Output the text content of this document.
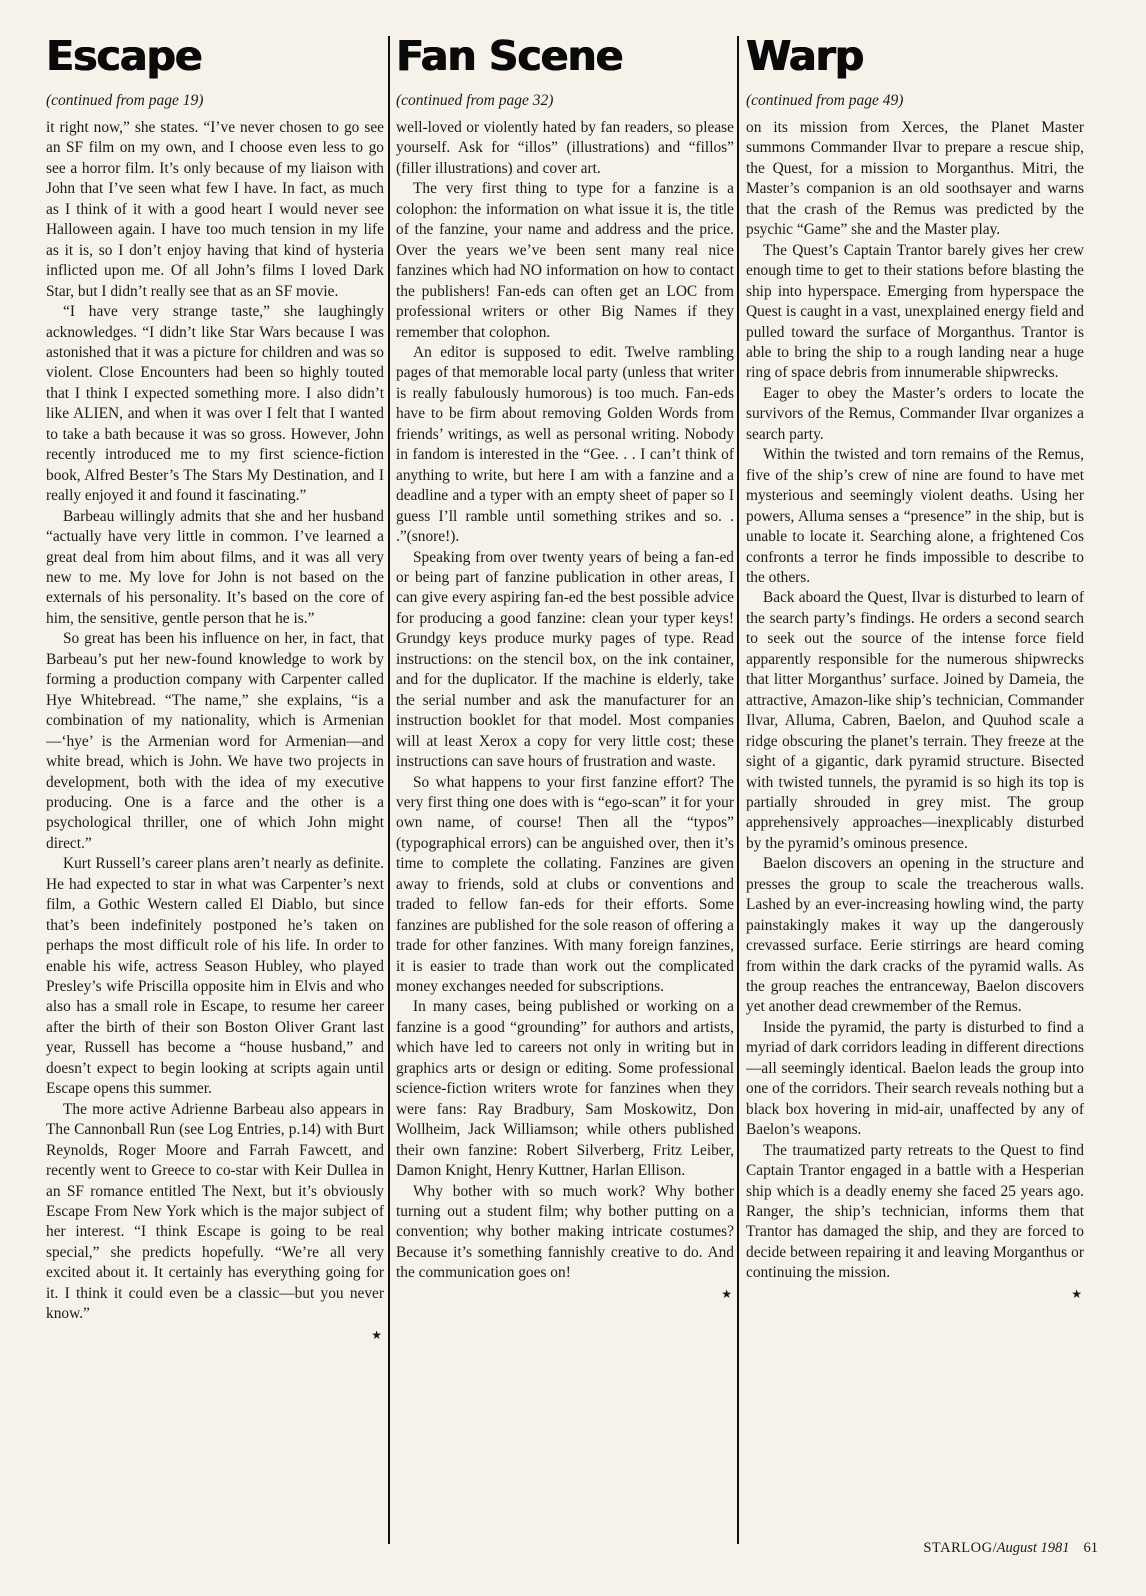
Escape
(continued from page 19)

it right now,” she states. “I’ve never chosen to go see an SF film on my own, and I choose even less to go see a horror film. It’s only because of my liaison with John that I’ve seen what few I have. In fact, as much as I think of it with a good heart I would never see Halloween again. I have too much tension in my life as it is, so I don’t enjoy having that kind of hysteria inflicted upon me. Of all John’s films I loved Dark Star, but I didn’t really see that as an SF movie.

“I have very strange taste,” she laughingly acknowledges. “I didn’t like Star Wars because I was astonished that it was a picture for children and was so violent. Close Encounters had been so highly touted that I think I expected something more. I also didn’t like ALIEN, and when it was over I felt that I wanted to take a bath because it was so gross. However, John recently introduced me to my first science-fiction book, Alfred Bester’s The Stars My Destination, and I really enjoyed it and found it fascinating.”

Barbeau willingly admits that she and her husband “actually have very little in common. I’ve learned a great deal from him about films, and it was all very new to me. My love for John is not based on the externals of his personality. It’s based on the core of him, the sensitive, gentle person that he is.”

So great has been his influence on her, in fact, that Barbeau’s put her new-found knowledge to work by forming a production company with Carpenter called Hye Whitebread. “The name,” she explains, “is a combination of my nationality, which is Armenian—‘hye’ is the Armenian word for Armenian—and white bread, which is John. We have two projects in development, both with the idea of my executive producing. One is a farce and the other is a psychological thriller, one of which John might direct.”

Kurt Russell’s career plans aren’t nearly as definite. He had expected to star in what was Carpenter’s next film, a Gothic Western called El Diablo, but since that’s been indefinitely postponed he’s taken on perhaps the most difficult role of his life. In order to enable his wife, actress Season Hubley, who played Presley’s wife Priscilla opposite him in Elvis and who also has a small role in Escape, to resume her career after the birth of their son Boston Oliver Grant last year, Russell has become a “house husband,” and doesn’t expect to begin looking at scripts again until Escape opens this summer.

The more active Adrienne Barbeau also appears in The Cannonball Run (see Log Entries, p.14) with Burt Reynolds, Roger Moore and Farrah Fawcett, and recently went to Greece to co-star with Keir Dullea in an SF romance entitled The Next, but it’s obviously Escape From New York which is the major subject of her interest. “I think Escape is going to be real special,” she predicts hopefully. “We’re all very excited about it. It certainly has everything going for it. I think it could even be a classic—but you never know.”

★

Fan Scene
(continued from page 32)

well-loved or violently hated by fan readers, so please yourself. Ask for “illos” (illustrations) and “fillos” (filler illustrations) and cover art.

The very first thing to type for a fanzine is a colophon: the information on what issue it is, the title of the fanzine, your name and address and the price. Over the years we’ve been sent many real nice fanzines which had NO information on how to contact the publishers! Fan-eds can often get an LOC from professional writers or other Big Names if they remember that colophon.

An editor is supposed to edit. Twelve rambling pages of that memorable local party (unless that writer is really fabulously humorous) is too much. Fan-eds have to be firm about removing Golden Words from friends’ writings, as well as personal writing. Nobody in fandom is interested in the “Gee. . . I can’t think of anything to write, but here I am with a fanzine and a deadline and a typer with an empty sheet of paper so I guess I’ll ramble until something strikes and so. . .”(snore!).

Speaking from over twenty years of being a fan-ed or being part of fanzine publication in other areas, I can give every aspiring fan-ed the best possible advice for producing a good fanzine: clean your typer keys! Grundgy keys produce murky pages of type. Read instructions: on the stencil box, on the ink container, and for the duplicator. If the machine is elderly, take the serial number and ask the manufacturer for an instruction booklet for that model. Most companies will at least Xerox a copy for very little cost; these instructions can save hours of frustration and waste.

So what happens to your first fanzine effort? The very first thing one does with is “ego-scan” it for your own name, of course! Then all the “typos” (typographical errors) can be anguished over, then it’s time to complete the collating. Fanzines are given away to friends, sold at clubs or conventions and traded to fellow fan-eds for their efforts. Some fanzines are published for the sole reason of offering a trade for other fanzines. With many foreign fanzines, it is easier to trade than work out the complicated money exchanges needed for subscriptions.

In many cases, being published or working on a fanzine is a good “grounding” for authors and artists, which have led to careers not only in writing but in graphics arts or design or editing. Some professional science-fiction writers wrote for fanzines when they were fans: Ray Bradbury, Sam Moskowitz, Don Wollheim, Jack Williamson; while others published their own fanzine: Robert Silverberg, Fritz Leiber, Damon Knight, Henry Kuttner, Harlan Ellison.

Why bother with so much work? Why bother turning out a student film; why bother putting on a convention; why bother making intricate costumes? Because it’s something fannishly creative to do. And the communication goes on!

★

Warp
(continued from page 49)

on its mission from Xerces, the Planet Master summons Commander Ilvar to prepare a rescue ship, the Quest, for a mission to Morganthus. Mitri, the Master’s companion is an old soothsayer and warns that the crash of the Remus was predicted by the psychic “Game” she and the Master play.

The Quest’s Captain Trantor barely gives her crew enough time to get to their stations before blasting the ship into hyperspace. Emerging from hyperspace the Quest is caught in a vast, unexplained energy field and pulled toward the surface of Morganthus. Trantor is able to bring the ship to a rough landing near a huge ring of space debris from innumerable shipwrecks.

Eager to obey the Master’s orders to locate the survivors of the Remus, Commander Ilvar organizes a search party.

Within the twisted and torn remains of the Remus, five of the ship’s crew of nine are found to have met mysterious and seemingly violent deaths. Using her powers, Alluma senses a “presence” in the ship, but is unable to locate it. Searching alone, a frightened Cos confronts a terror he finds impossible to describe to the others.

Back aboard the Quest, Ilvar is disturbed to learn of the search party’s findings. He orders a second search to seek out the source of the intense force field apparently responsible for the numerous shipwrecks that litter Morganthus’ surface. Joined by Dameia, the attractive, Amazon-like ship’s technician, Commander Ilvar, Alluma, Cabren, Baelon, and Quuhod scale a ridge obscuring the planet’s terrain. They freeze at the sight of a gigantic, dark pyramid structure. Bisected with twisted tunnels, the pyramid is so high its top is partially shrouded in grey mist. The group apprehensively approaches—inexplicably disturbed by the pyramid’s ominous presence.

Baelon discovers an opening in the structure and presses the group to scale the treacherous walls. Lashed by an ever-increasing howling wind, the party painstakingly makes it way up the dangerously crevassed surface. Eerie stirrings are heard coming from within the dark cracks of the pyramid walls. As the group reaches the entranceway, Baelon discovers yet another dead crewmember of the Remus.

Inside the pyramid, the party is disturbed to find a myriad of dark corridors leading in different directions—all seemingly identical. Baelon leads the group into one of the corridors. Their search reveals nothing but a black box hovering in mid-air, unaffected by any of Baelon’s weapons.

The traumatized party retreats to the Quest to find Captain Trantor engaged in a battle with a Hesperian ship which is a deadly enemy she faced 25 years ago. Ranger, the ship’s technician, informs them that Trantor has damaged the ship, and they are forced to decide between repairing it and leaving Morganthus or continuing the mission.

★

STARLOG/August 1981 61
